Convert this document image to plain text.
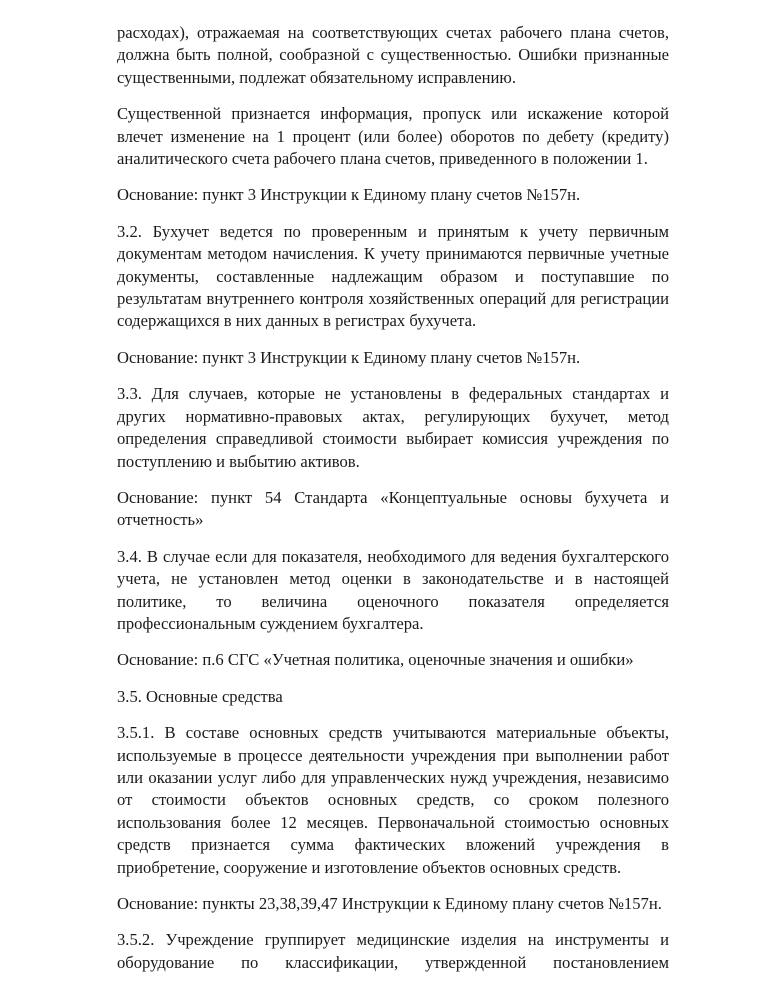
расходах), отражаемая на соответствующих счетах рабочего плана счетов,
должна быть полной, сообразной с существенностью. Ошибки признанные
существенными, подлежат обязательному исправлению.

Существенной признается информация, пропуск или искажение которой
влечет изменение на 1 процент (или более) оборотов по дебету (кредиту)
аналитического счета рабочего плана счетов, приведенного в положении 1.

Основание: пункт 3 Инструкции к Единому плану счетов №157н.

3.2. Бухучет ведется по проверенным и принятым к учету первичным
документам методом начисления. К учету принимаются первичные учетные
документы, составленные надлежащим образом и поступавшие по
результатам внутреннего контроля хозяйственных операций для регистрации
содержащихся в них данных в регистрах бухучета.

Основание: пункт 3 Инструкции к Единому плану счетов №157н.

3.3. Для случаев, которые не установлены в федеральных стандартах и
других нормативно-правовых актах, регулирующих бухучет, метод
определения справедливой стоимости выбирает комиссия учреждения по
поступлению и выбытию активов.

Основание: пункт 54 Стандарта «Концептуальные основы бухучета и
отчетность»

3.4. В случае если для показателя, необходимого для ведения бухгалтерского
учета, не установлен метод оценки в законодательстве и в настоящей
политике, то величина оценочного показателя определяется
профессиональным суждением бухгалтера.

Основание: п.6 СГС «Учетная политика, оценочные значения и ошибки»

3.5. Основные средства

3.5.1. В составе основных средств учитываются материальные объекты,
используемые в процессе деятельности учреждения при выполнении работ
или оказании услуг либо для управленческих нужд учреждения, независимо
от стоимости объектов основных средств, со сроком полезного
использования более 12 месяцев. Первоначальной стоимостью основных
средств признается сумма фактических вложений учреждения в
приобретение, сооружение и изготовление объектов основных средств.

Основание: пункты 23,38,39,47 Инструкции к Единому плану счетов №157н.

3.5.2. Учреждение группирует медицинские изделия на инструменты и
оборудование по классификации, утвержденной постановлением
